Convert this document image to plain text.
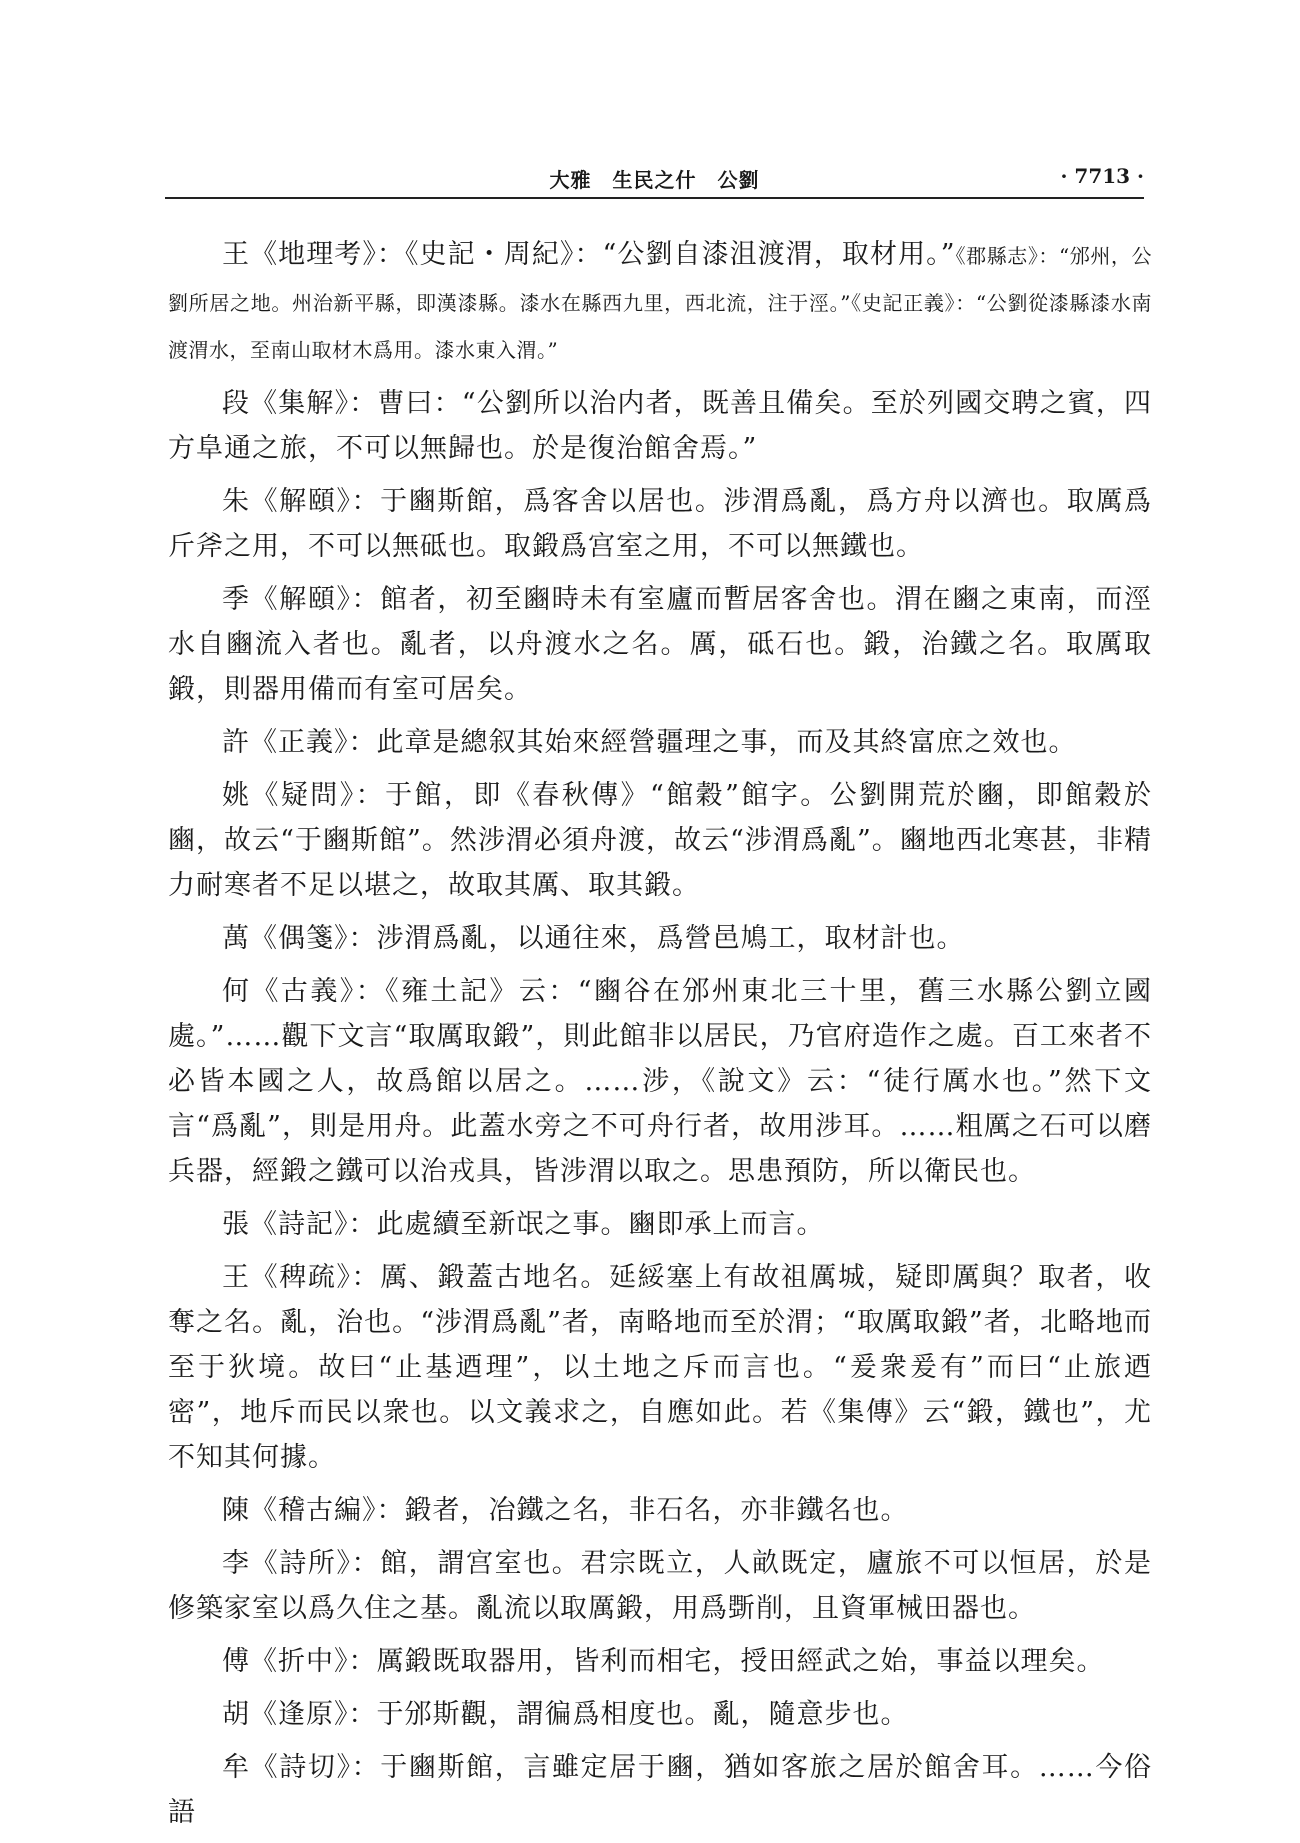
大雅　生民之什　公劉	· 7713 ·

王《地理考》：《史記・周紀》：“公劉自漆沮渡渭，取材用。”《郡縣志》：“邠州，公劉所居之地。州治新平縣，即漢漆縣。漆水在縣西九里，西北流，注于涇。”《史記正義》：“公劉從漆縣漆水南渡渭水，至南山取材木爲用。漆水東入渭。”

段《集解》：曹曰：“公劉所以治内者，既善且備矣。至於列國交聘之賓，四方阜通之旅，不可以無歸也。於是復治館舍焉。”

朱《解頤》：于豳斯館，爲客舍以居也。涉渭爲亂，爲方舟以濟也。取厲爲斤斧之用，不可以無砥也。取鍛爲宫室之用，不可以無鐵也。

季《解頤》：館者，初至豳時未有室廬而暫居客舍也。渭在豳之東南，而涇水自豳流入者也。亂者，以舟渡水之名。厲，砥石也。鍛，治鐵之名。取厲取鍛，則器用備而有室可居矣。

許《正義》：此章是總叙其始來經營疆理之事，而及其終富庶之效也。

姚《疑問》：于館，即《春秋傳》“館穀”館字。公劉開荒於豳，即館穀於豳，故云“于豳斯館”。然涉渭必須舟渡，故云“涉渭爲亂”。豳地西北寒甚，非精力耐寒者不足以堪之，故取其厲、取其鍛。

萬《偶箋》：涉渭爲亂，以通往來，爲營邑鳩工，取材計也。

何《古義》：《雍土記》云：“豳谷在邠州東北三十里，舊三水縣公劉立國處。”……觀下文言“取厲取鍛”，則此館非以居民，乃官府造作之處。百工來者不必皆本國之人，故爲館以居之。……涉，《說文》云：“徒行厲水也。”然下文言“爲亂”，則是用舟。此蓋水旁之不可舟行者，故用涉耳。……粗厲之石可以磨兵器，經鍛之鐵可以治戎具，皆涉渭以取之。思患預防，所以衛民也。

張《詩記》：此處續至新氓之事。豳即承上而言。

王《稗疏》：厲、鍛蓋古地名。延綏塞上有故祖厲城，疑即厲與？取者，收奪之名。亂，治也。“涉渭爲亂”者，南略地而至於渭；“取厲取鍛”者，北略地而至于狄境。故曰“止基迺理”，以土地之斥而言也。“爰衆爰有”而曰“止旅迺密”，地斥而民以衆也。以文義求之，自應如此。若《集傳》云“鍛，鐵也”，尤不知其何據。

陳《稽古編》：鍛者，冶鐵之名，非石名，亦非鐵名也。

李《詩所》：館，謂宫室也。君宗既立，人畝既定，廬旅不可以恒居，於是修築家室以爲久住之基。亂流以取厲鍛，用爲斲削，且資軍械田器也。

傅《折中》：厲鍛既取器用，皆利而相宅，授田經武之始，事益以理矣。

胡《逢原》：于邠斯觀，謂徧爲相度也。亂，隨意步也。

牟《詩切》：于豳斯館，言雖定居于豳，猶如客旅之居於館舍耳。……今俗語
